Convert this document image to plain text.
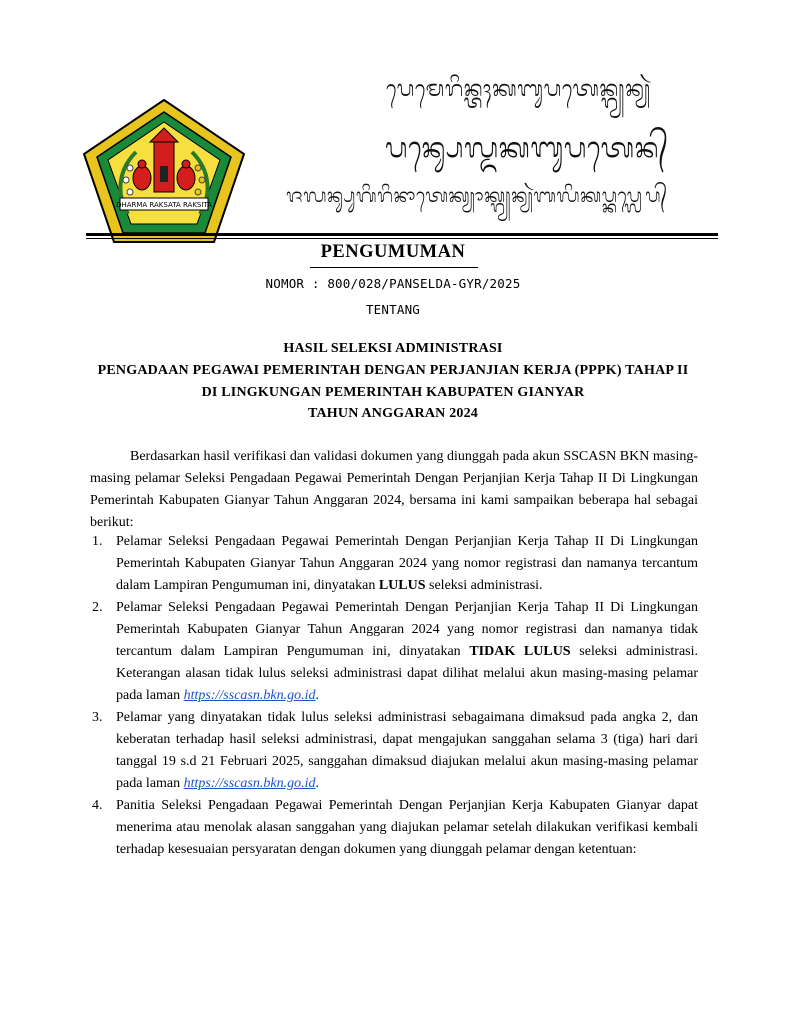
DHARMA RAKSATA RAKSITA
ᬧᬾᬫᬾᬭᬶᬦ᭄ᬢᬄᬓᬩᬸᬧᬢᬾᬦ᭄ᬕ᭄ᬬᬦ᭄ᬬᬃ
ᬧᬦ᭄ᬲᬾᬮ᭄ᬤᬓᬩᬸᬧᬢᬾᬦ᭄
ᬚᬮᬦ᭄ᬲᬸᬕᬶᬭᬶᬦᬵᬢᬾᬓ᭄ᬬᬵᬓ᭄ᬕ᭄ᬬᬦ᭄ᬬᬃᬩᬮᬶᬓᬧ᭄ᬓᬧ᭄ᬮᬾᬧ᭄
PENGUMUMAN
NOMOR : 800/028/PANSELDA-GYR/2025
TENTANG
HASIL SELEKSI ADMINISTRASI
PENGADAAN PEGAWAI PEMERINTAH DENGAN PERJANJIAN KERJA (PPPK) TAHAP II
DI LINGKUNGAN PEMERINTAH KABUPATEN GIANYAR
TAHUN ANGGARAN 2024
Berdasarkan hasil verifikasi dan validasi dokumen yang diunggah pada akun SSCASN BKN masing-masing pelamar Seleksi Pengadaan Pegawai Pemerintah Dengan Perjanjian Kerja Tahap II Di Lingkungan Pemerintah Kabupaten Gianyar Tahun Anggaran 2024, bersama ini kami sampaikan beberapa hal sebagai berikut:
1. Pelamar Seleksi Pengadaan Pegawai Pemerintah Dengan Perjanjian Kerja Tahap II Di Lingkungan Pemerintah Kabupaten Gianyar Tahun Anggaran 2024 yang nomor registrasi dan namanya tercantum dalam Lampiran Pengumuman ini, dinyatakan LULUS seleksi administrasi.
2. Pelamar Seleksi Pengadaan Pegawai Pemerintah Dengan Perjanjian Kerja Tahap II Di Lingkungan Pemerintah Kabupaten Gianyar Tahun Anggaran 2024 yang nomor registrasi dan namanya tidak tercantum dalam Lampiran Pengumuman ini, dinyatakan TIDAK LULUS seleksi administrasi. Keterangan alasan tidak lulus seleksi administrasi dapat dilihat melalui akun masing-masing pelamar pada laman https://sscasn.bkn.go.id.
3. Pelamar yang dinyatakan tidak lulus seleksi administrasi sebagaimana dimaksud pada angka 2, dan keberatan terhadap hasil seleksi administrasi, dapat mengajukan sanggahan selama 3 (tiga) hari dari tanggal 19 s.d 21 Februari 2025, sanggahan dimaksud diajukan melalui akun masing-masing pelamar pada laman https://sscasn.bkn.go.id.
4. Panitia Seleksi Pengadaan Pegawai Pemerintah Dengan Perjanjian Kerja Kabupaten Gianyar dapat menerima atau menolak alasan sanggahan yang diajukan pelamar setelah dilakukan verifikasi kembali terhadap kesesuaian persyaratan dengan dokumen yang diunggah pelamar dengan ketentuan:
